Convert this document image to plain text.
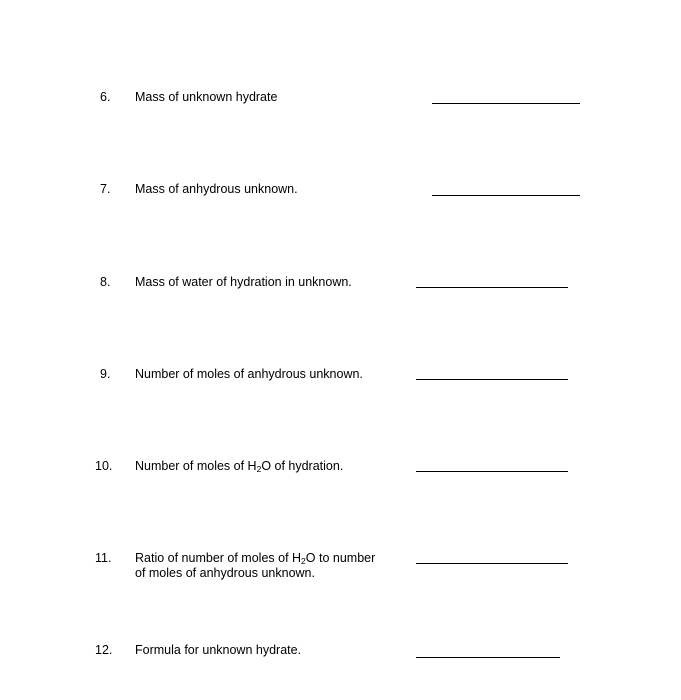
6. Mass of unknown hydrate
7. Mass of anhydrous unknown.
8. Mass of water of hydration in unknown.
9. Number of moles of anhydrous unknown.
10. Number of moles of $H_2O$ of hydration.
11. Ratio of number of moles of $H_2O$ to number
of moles of anhydrous unknown.
12. Formula for unknown hydrate.
